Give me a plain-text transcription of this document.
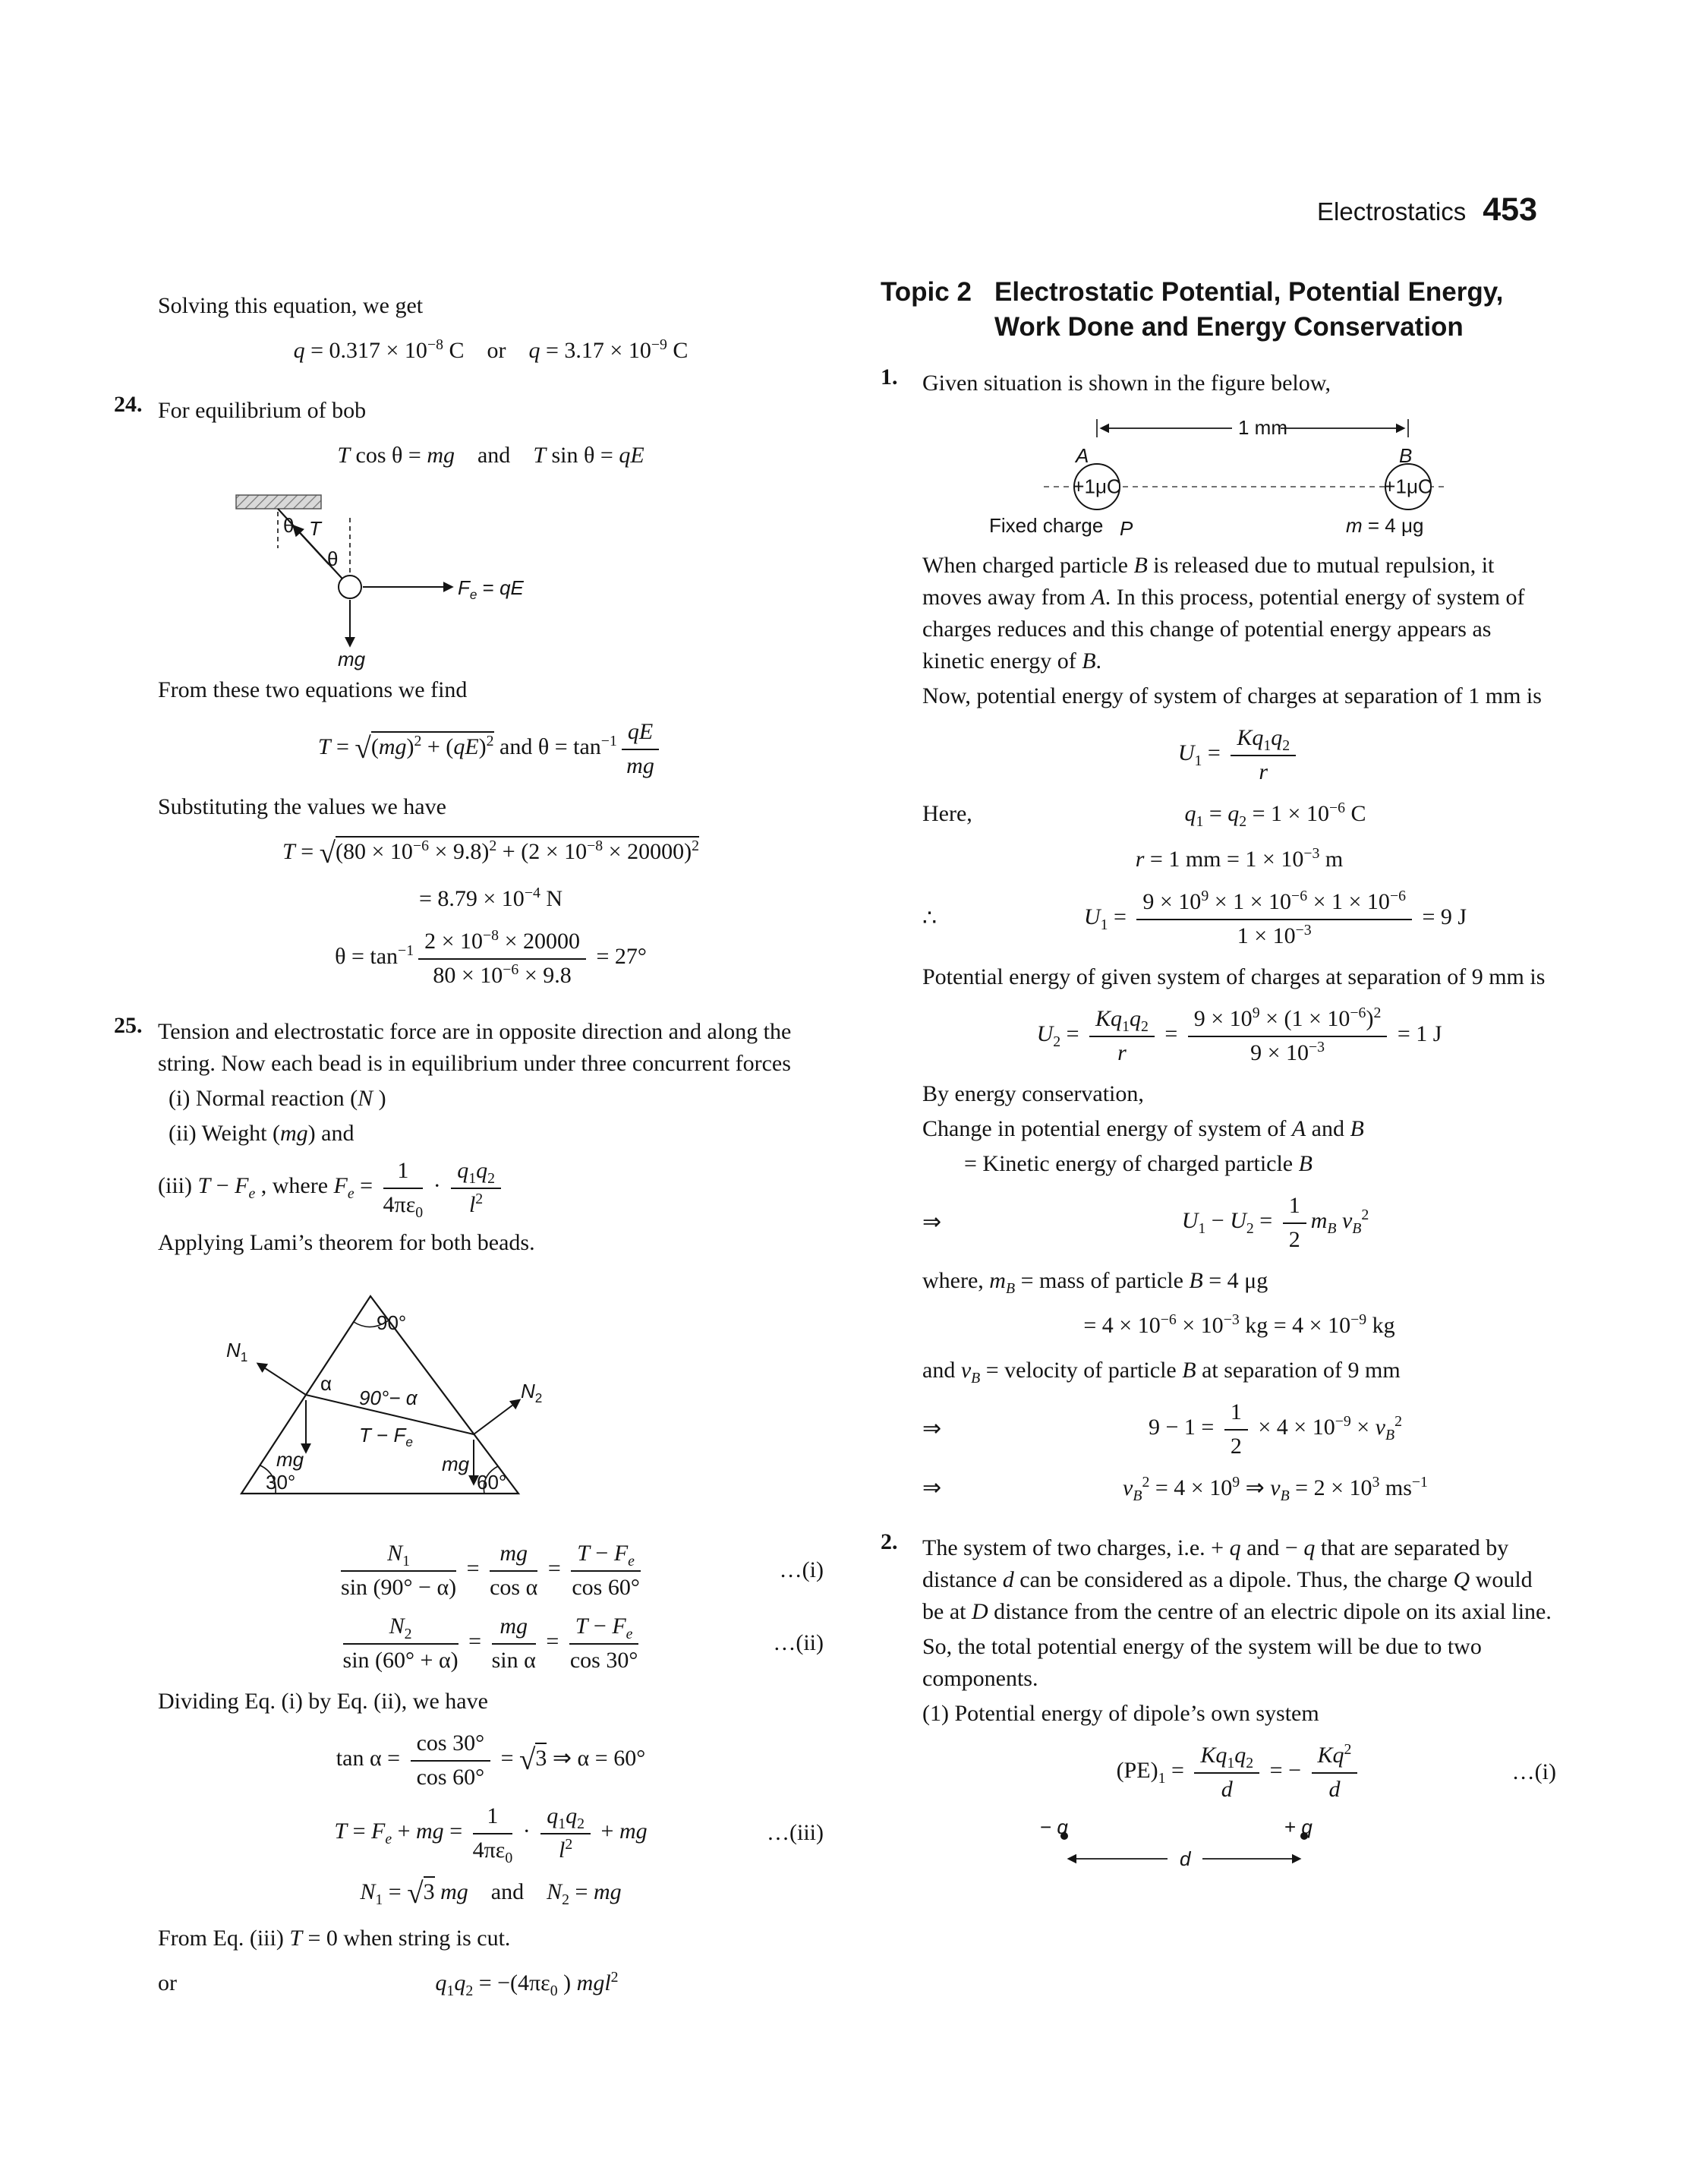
Electrostatics 453

Solving this equation, we get

$q = 0.317 \times 10^{-8}$ C or $q = 3.17 \times 10^{-9}$ C
24. For equilibrium of bob

T cos θ = mg and T sin θ = qE
θ T
θ
$F_e$ = qE
mg

From these two equations we find

T = √(mg)$^2$ + (qE)$^2$ and $\theta = \tan^{-1} \frac{qE}{mg}$

Substituting the values we have

$T = √(80 \times 10^{-6} \times 9.8)^2 + (2 \times 10^{-8} \times 20000)^2$
= $8.79 \times 10^{-4}$ N
$\theta = \tan^{-1} \frac{2 \times 10^{-8} \times 20000}{80 \times 10^{-6} \times 9.8} = 27^\circ$
25. Tension and electrostatic force are in opposite direction and along the string. Now each bead is in equilibrium under three concurrent forces

(i) Normal reaction (N )

(ii) Weight (mg) and

(iii) $T - F_e$ , where $F_e = \frac{1}{4\pi\varepsilon_0} \cdot \frac{q_1q_2}{l^2}$

Applying Lami’s theorem for both beads.

90°
$N_1$
α
90°− α
$T - F_e$
mg
$N_2$
mg
30°	60°
$\frac{N_1}{\sin (90^\circ - \alpha)} = \frac{mg}{\text{cos α}} = \frac{T - F_e}{\cos 60^\circ}$	…(i)
$\frac{N_2}{\sin (60^\circ + \alpha)} = \frac{mg}{\text{sin α}} = \frac{T - F_e}{\cos 30^\circ}$	…(ii)

Dividing Eq. (i) by Eq. (ii), we have

$\tan \alpha = \frac{\cos 30^\circ}{\cos 60^\circ} = √3$ ⇒ α = 60°
$T = F_e$ + mg = $\frac{1}{4\pi\varepsilon_0} \cdot \frac{q_1q_2}{l^2}$ + mg	…(iii)
$N_1 = √3$ mg and $N_2$ = mg

From Eq. (iii) T = 0 when string is cut.

or	$q_1q_2 = -(4\pi\varepsilon_0$ ) mgl$^2$
Topic 2 Electrostatic Potential, Potential Energy, Work Done and Energy Conservation
1.	Given situation is shown in the figure below,

1 mm
A	B
+1μC	+1μC
Fixed charge P	m = 4 μg

When charged particle B is released due to mutual repulsion, it moves away from A. In this process, potential energy of system of charges reduces and this change of potential energy appears as kinetic energy of B.

Now, potential energy of system of charges at separation of 1 mm is

$U_1 = \frac{Kq_1q_2}{r}$
Here,	$q_1 = q_2 = 1 \times 10^{-6}$ C
r = 1 mm = $1 \times 10^{-3}$ m
∴	$U_1 = \frac{9 \times 10^9 \times 1 \times 10^{-6} \times 1 \times 10^{-6}}{1 \times 10^{-3}} = 9$ J

Potential energy of given system of charges at separation of 9 mm is

$U_2 = \frac{Kq_1q_2}{r} = \frac{9 \times 10^9 \times (1 \times 10^{-6})^2}{9 \times 10^{-3}} = 1$ J

By energy conservation,

Change in potential energy of system of A and B

= Kinetic energy of charged particle B

⇒	$U_1 - U_2 = \frac{1}{2} m_B$ $v_B^2$

where, $m_B$ = mass of particle B = 4 μg

= $4 \times 10^{-6} \times 10^{-3}$ kg = $4 \times 10^{-9}$ kg

and $v_B$ = velocity of particle B at separation of 9 mm

⇒	$9 - 1 = \frac{1}{2} \times 4 \times 10^{-9} \times v_B^2$
⇒	$v_B^2 = 4 \times 10^9$ ⇒ $v_B = 2 \times 10^3$ $ms^{-1}$
2.	The system of two charges, i.e. + q and − q that are separated by distance d can be considered as a dipole. Thus, the charge Q would be at D distance from the centre of an electric dipole on its axial line.

So, the total potential energy of the system will be due to two components.

(1) Potential energy of dipole’s own system

$(PE)_1 = \frac{Kq_1q_2}{d}$ = − $\frac{Kq^2}{d}$	…(i)
− q	+ q
d
